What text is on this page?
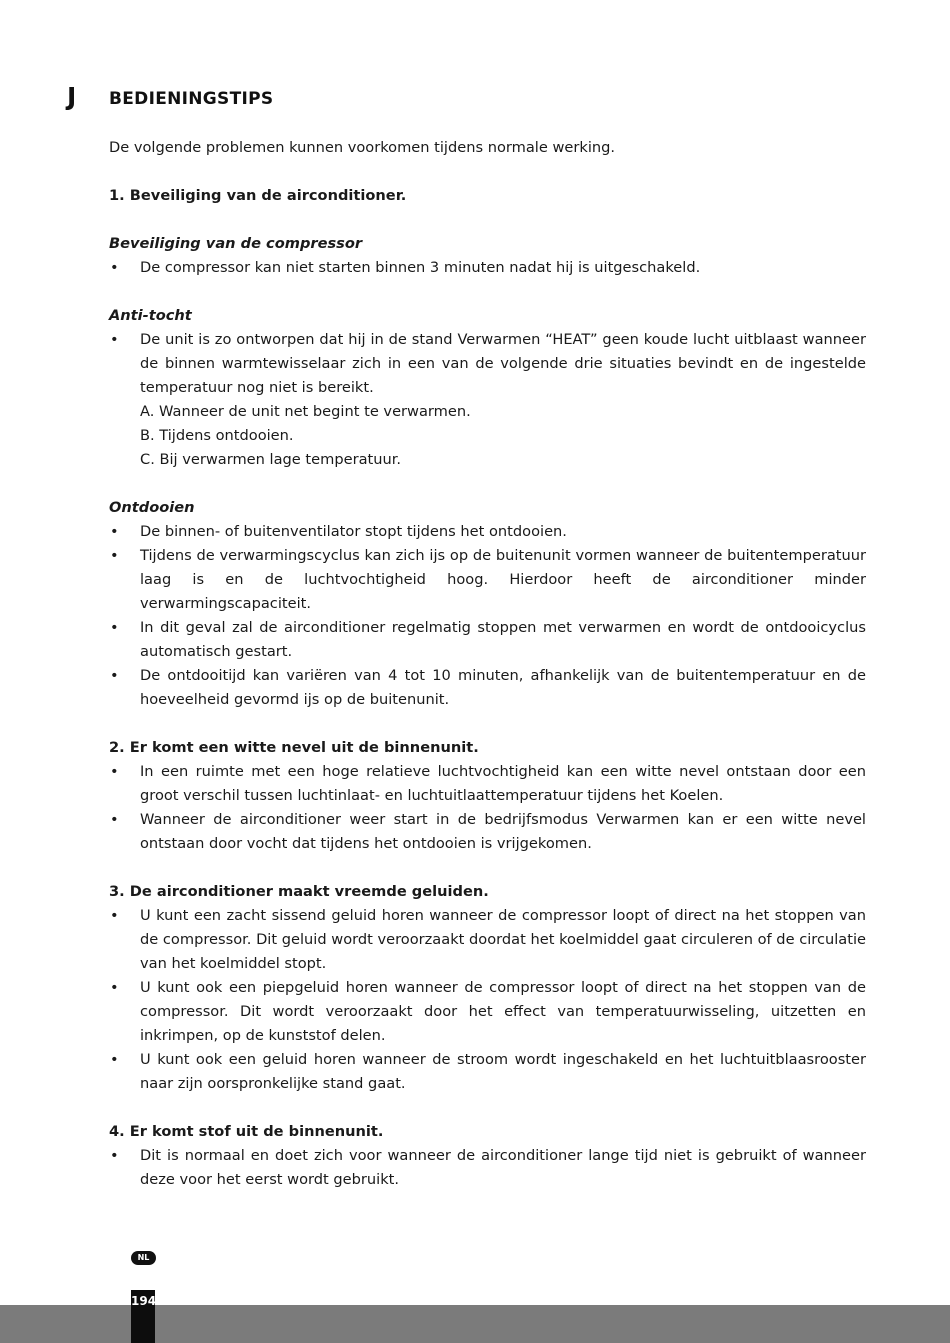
J BEDIENINGSTIPS

De volgende problemen kunnen voorkomen tijdens normale werking.

1. Beveiliging van de airconditioner.

Beveiliging van de compressor

• De compressor kan niet starten binnen 3 minuten nadat hij is uitgeschakeld.

Anti-tocht

• De unit is zo ontworpen dat hij in de stand Verwarmen “HEAT” geen koude lucht uitblaast wanneer de binnen warmtewisselaar zich in een van de volgende drie situaties bevindt en de ingestelde temperatuur nog niet is bereikt.
A. Wanneer de unit net begint te verwarmen.
B. Tijdens ontdooien.
C. Bij verwarmen lage temperatuur.

Ontdooien

• De binnen- of buitenventilator stopt tijdens het ontdooien.
• Tijdens de verwarmingscyclus kan zich ijs op de buitenunit vormen wanneer de buitentemperatuur laag is en de luchtvochtigheid hoog. Hierdoor heeft de airconditioner minder verwarmingscapaciteit.
• In dit geval zal de airconditioner regelmatig stoppen met verwarmen en wordt de ontdooicyclus automatisch gestart.
• De ontdooitijd kan variëren van 4 tot 10 minuten, afhankelijk van de buitentemperatuur en de hoeveelheid gevormd ijs op de buitenunit.

2. Er komt een witte nevel uit de binnenunit.

• In een ruimte met een hoge relatieve luchtvochtigheid kan een witte nevel ontstaan door een groot verschil tussen luchtinlaat- en luchtuitlaattemperatuur tijdens het Koelen.
• Wanneer de airconditioner weer start in de bedrijfsmodus Verwarmen kan er een witte nevel ontstaan door vocht dat tijdens het ontdooien is vrijgekomen.

3. De airconditioner maakt vreemde geluiden.

• U kunt een zacht sissend geluid horen wanneer de compressor loopt of direct na het stoppen van de compressor. Dit geluid wordt veroorzaakt doordat het koelmiddel gaat circuleren of de circulatie van het koelmiddel stopt.
• U kunt ook een piepgeluid horen wanneer de compressor loopt of direct na het stoppen van de compressor. Dit wordt veroorzaakt door het effect van temperatuurwisseling, uitzetten en inkrimpen, op de kunststof delen.
• U kunt ook een geluid horen wanneer de stroom wordt ingeschakeld en het luchtuitblaasrooster naar zijn oorspronkelijke stand gaat.

4. Er komt stof uit de binnenunit.

• Dit is normaal en doet zich voor wanneer de airconditioner lange tijd niet is gebruikt of wanneer deze voor het eerst wordt gebruikt.
NL
194
